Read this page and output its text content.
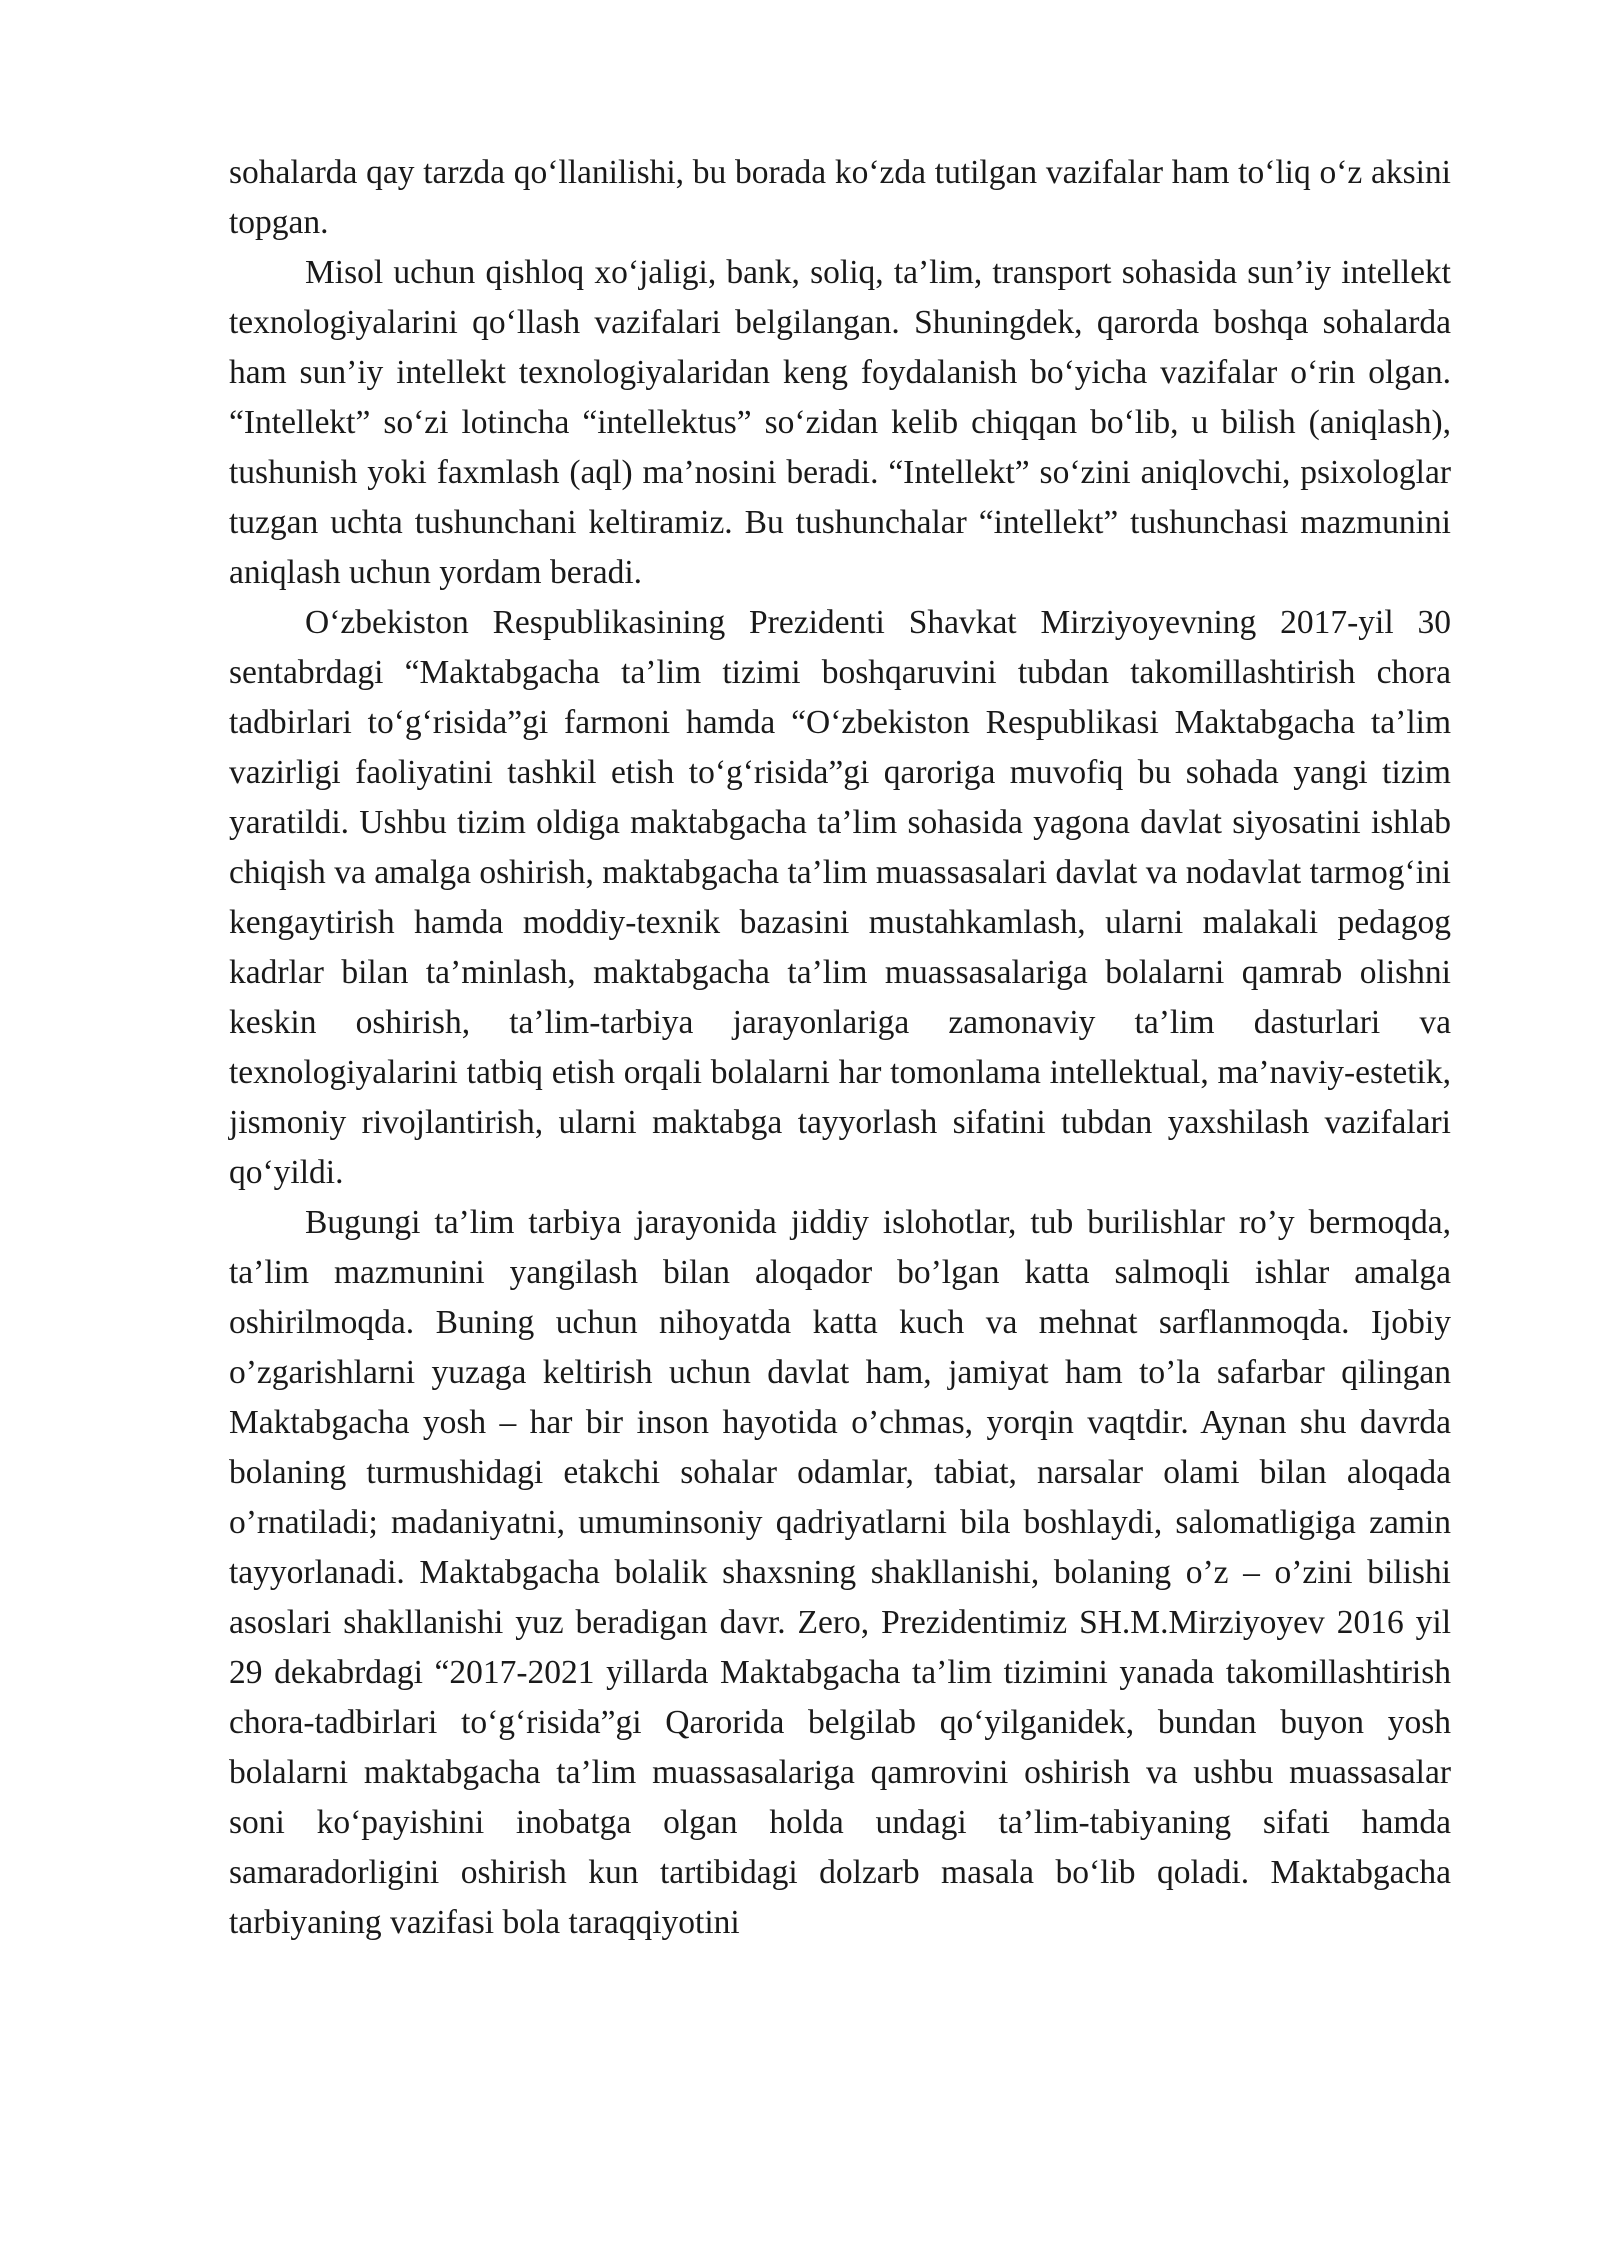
sohalarda qay tarzda qo‘llanilishi, bu borada ko‘zda tutilgan vazifalar ham to‘liq o‘z aksini topgan.

Misol uchun qishloq xo‘jaligi, bank, soliq, ta’lim, transport sohasida sun’iy intellekt texnologiyalarini qo‘llash vazifalari belgilangan. Shuningdek, qarorda boshqa sohalarda ham sun’iy intellekt texnologiyalaridan keng foydalanish bo‘yicha vazifalar o‘rin olgan. “Intellekt” so‘zi lotincha “intellektus” so‘zidan kelib chiqqan bo‘lib, u bilish (aniqlash), tushunish yoki faxmlash (aql) ma’nosini beradi. “Intellekt” so‘zini aniqlovchi, psixologlar tuzgan uchta tushunchani keltiramiz. Bu tushunchalar “intellekt” tushunchasi mazmunini aniqlash uchun yordam beradi.

O‘zbekiston Respublikasining Prezidenti Shavkat Mirziyoyevning 2017-yil 30 sentabrdagi “Maktabgacha ta’lim tizimi boshqaruvini tubdan takomillashtirish chora tadbirlari to‘g‘risida”gi farmoni hamda “O‘zbekiston Respublikasi Maktabgacha ta’lim vazirligi faoliyatini tashkil etish to‘g‘risida”gi qaroriga muvofiq bu sohada yangi tizim yaratildi. Ushbu tizim oldiga maktabgacha ta’lim sohasida yagona davlat siyosatini ishlab chiqish va amalga oshirish, maktabgacha ta’lim muassasalari davlat va nodavlat tarmog‘ini kengaytirish hamda moddiy-texnik bazasini mustahkamlash, ularni malakali pedagog kadrlar bilan ta’minlash, maktabgacha ta’lim muassasalariga bolalarni qamrab olishni keskin oshirish, ta’lim-tarbiya jarayonlariga zamonaviy ta’lim dasturlari va texnologiyalarini tatbiq etish orqali bolalarni har tomonlama intellektual, ma’naviy-estetik, jismoniy rivojlantirish, ularni maktabga tayyorlash sifatini tubdan yaxshilash vazifalari qo‘yildi.

Bugungi ta’lim tarbiya jarayonida jiddiy islohotlar, tub burilishlar ro’y bermoqda, ta’lim mazmunini yangilash bilan aloqador bo’lgan katta salmoqli ishlar amalga oshirilmoqda. Buning uchun nihoyatda katta kuch va mehnat sarflanmoqda. Ijobiy o’zgarishlarni yuzaga keltirish uchun davlat ham, jamiyat ham to’la safarbar qilingan Maktabgacha yosh – har bir inson hayotida o’chmas, yorqin vaqtdir. Aynan shu davrda bolaning turmushidagi etakchi sohalar odamlar, tabiat, narsalar olami bilan aloqada o’rnatiladi; madaniyatni, umuminsoniy qadriyatlarni bila boshlaydi, salomatligiga zamin tayyorlanadi. Maktabgacha bolalik shaxsning shakllanishi, bolaning o’z – o’zini bilishi asoslari shakllanishi yuz beradigan davr. Zero, Prezidentimiz SH.M.Mirziyoyev 2016 yil 29 dekabrdagi “2017-2021 yillarda Maktabgacha ta’lim tizimini yanada takomillashtirish chora-tadbirlari to‘g‘risida”gi Qarorida belgilab qo‘yilganidek, bundan buyon yosh bolalarni maktabgacha ta’lim muassasalariga qamrovini oshirish va ushbu muassasalar soni ko‘payishini inobatga olgan holda undagi ta’lim-tabiyaning sifati hamda samaradorligini oshirish kun tartibidagi dolzarb masala bo‘lib qoladi. Maktabgacha tarbiyaning vazifasi bola taraqqiyotini
